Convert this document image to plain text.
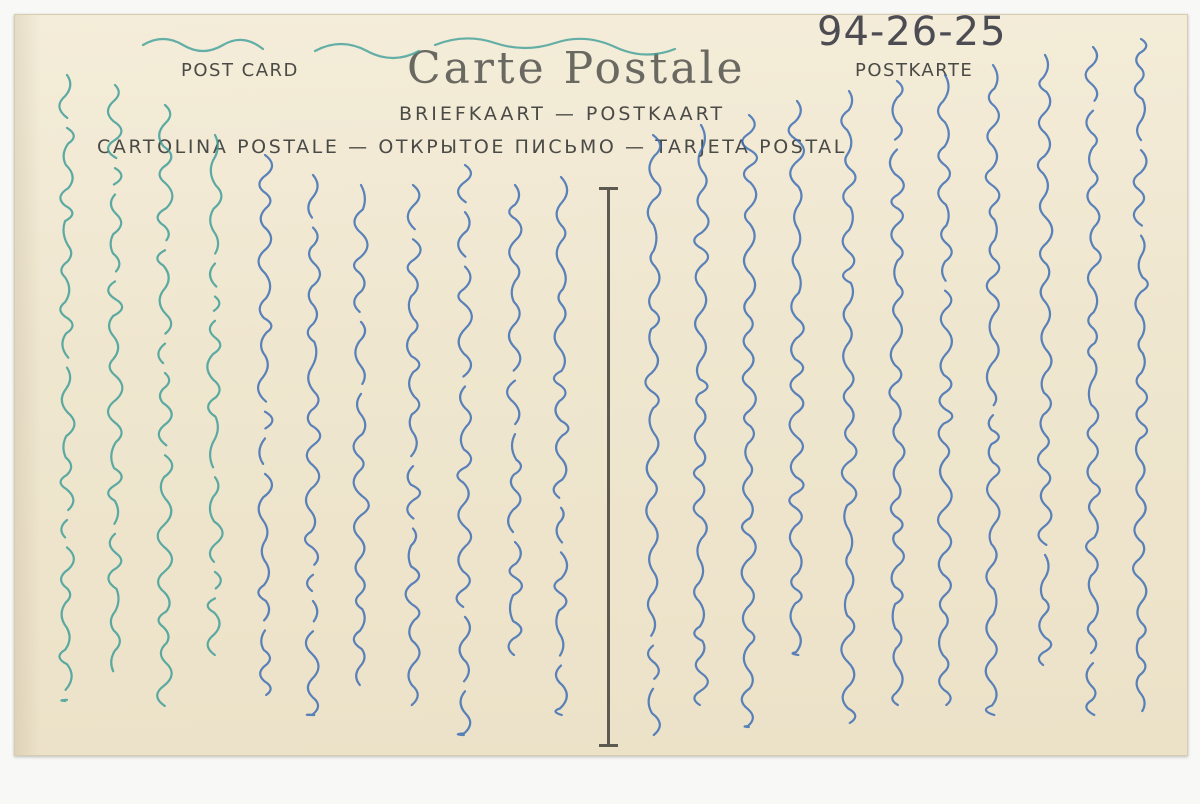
POST CARD Carte Postale	POSTKARTE
BRIEFKAART — POSTKAART
CARTOLINA POSTALE — ОТКРЫТОЕ ПИСЬМО — TARJETA POSTAL
94-26-25
